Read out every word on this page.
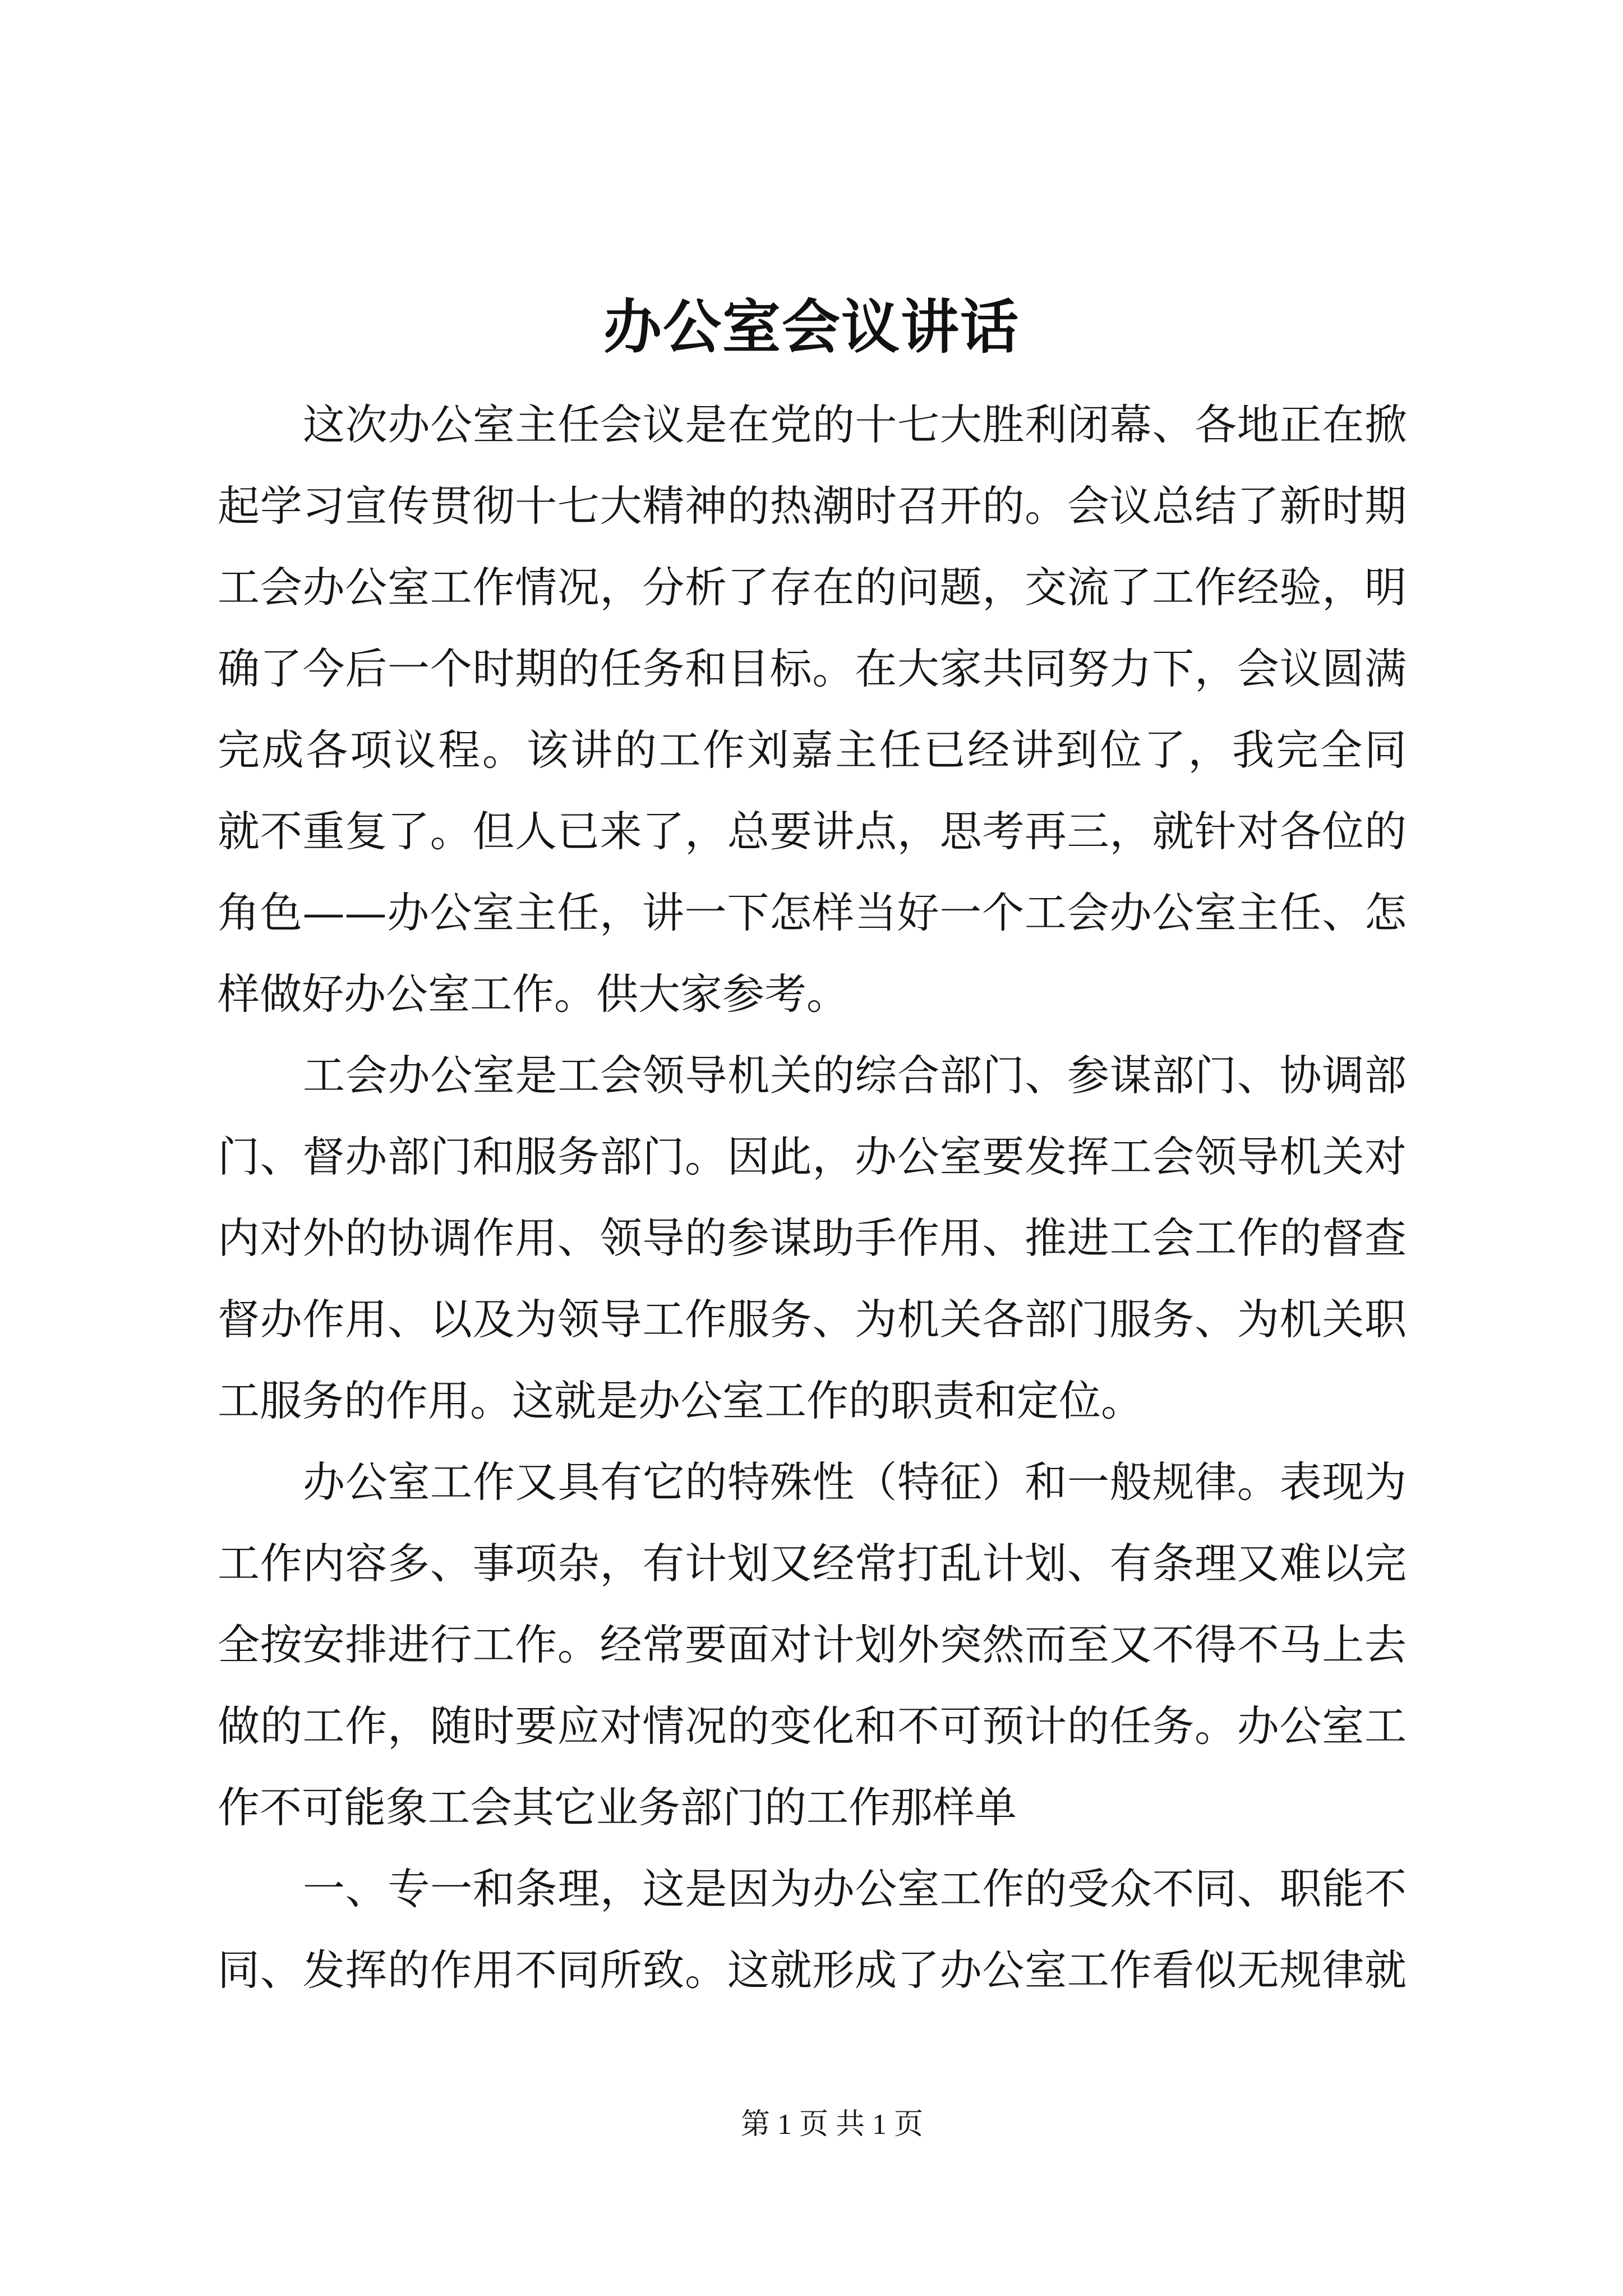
办公室会议讲话
这次办公室主任会议是在党的十七大胜利闭幕、各地正在掀
起学习宣传贯彻十七大精神的热潮时召开的。会议总结了新时期
工会办公室工作情况，分析了存在的问题，交流了工作经验，明
确了今后一个时期的任务和目标。在大家共同努力下，会议圆满
完成各项议程。该讲的工作刘嘉主任已经讲到位了，我完全同
就不重复了。但人已来了，总要讲点，思考再三，就针对各位的
角色——办公室主任，讲一下怎样当好一个工会办公室主任、怎
样做好办公室工作。供大家参考。
工会办公室是工会领导机关的综合部门、参谋部门、协调部
门、督办部门和服务部门。因此，办公室要发挥工会领导机关对
内对外的协调作用、领导的参谋助手作用、推进工会工作的督查
督办作用、以及为领导工作服务、为机关各部门服务、为机关职
工服务的作用。这就是办公室工作的职责和定位。
办公室工作又具有它的特殊性（特征）和一般规律。表现为
工作内容多、事项杂，有计划又经常打乱计划、有条理又难以完
全按安排进行工作。经常要面对计划外突然而至又不得不马上去
做的工作，随时要应对情况的变化和不可预计的任务。办公室工
作不可能象工会其它业务部门的工作那样单
一、专一和条理，这是因为办公室工作的受众不同、职能不
同、发挥的作用不同所致。这就形成了办公室工作看似无规律就
第 1 页 共 1 页
